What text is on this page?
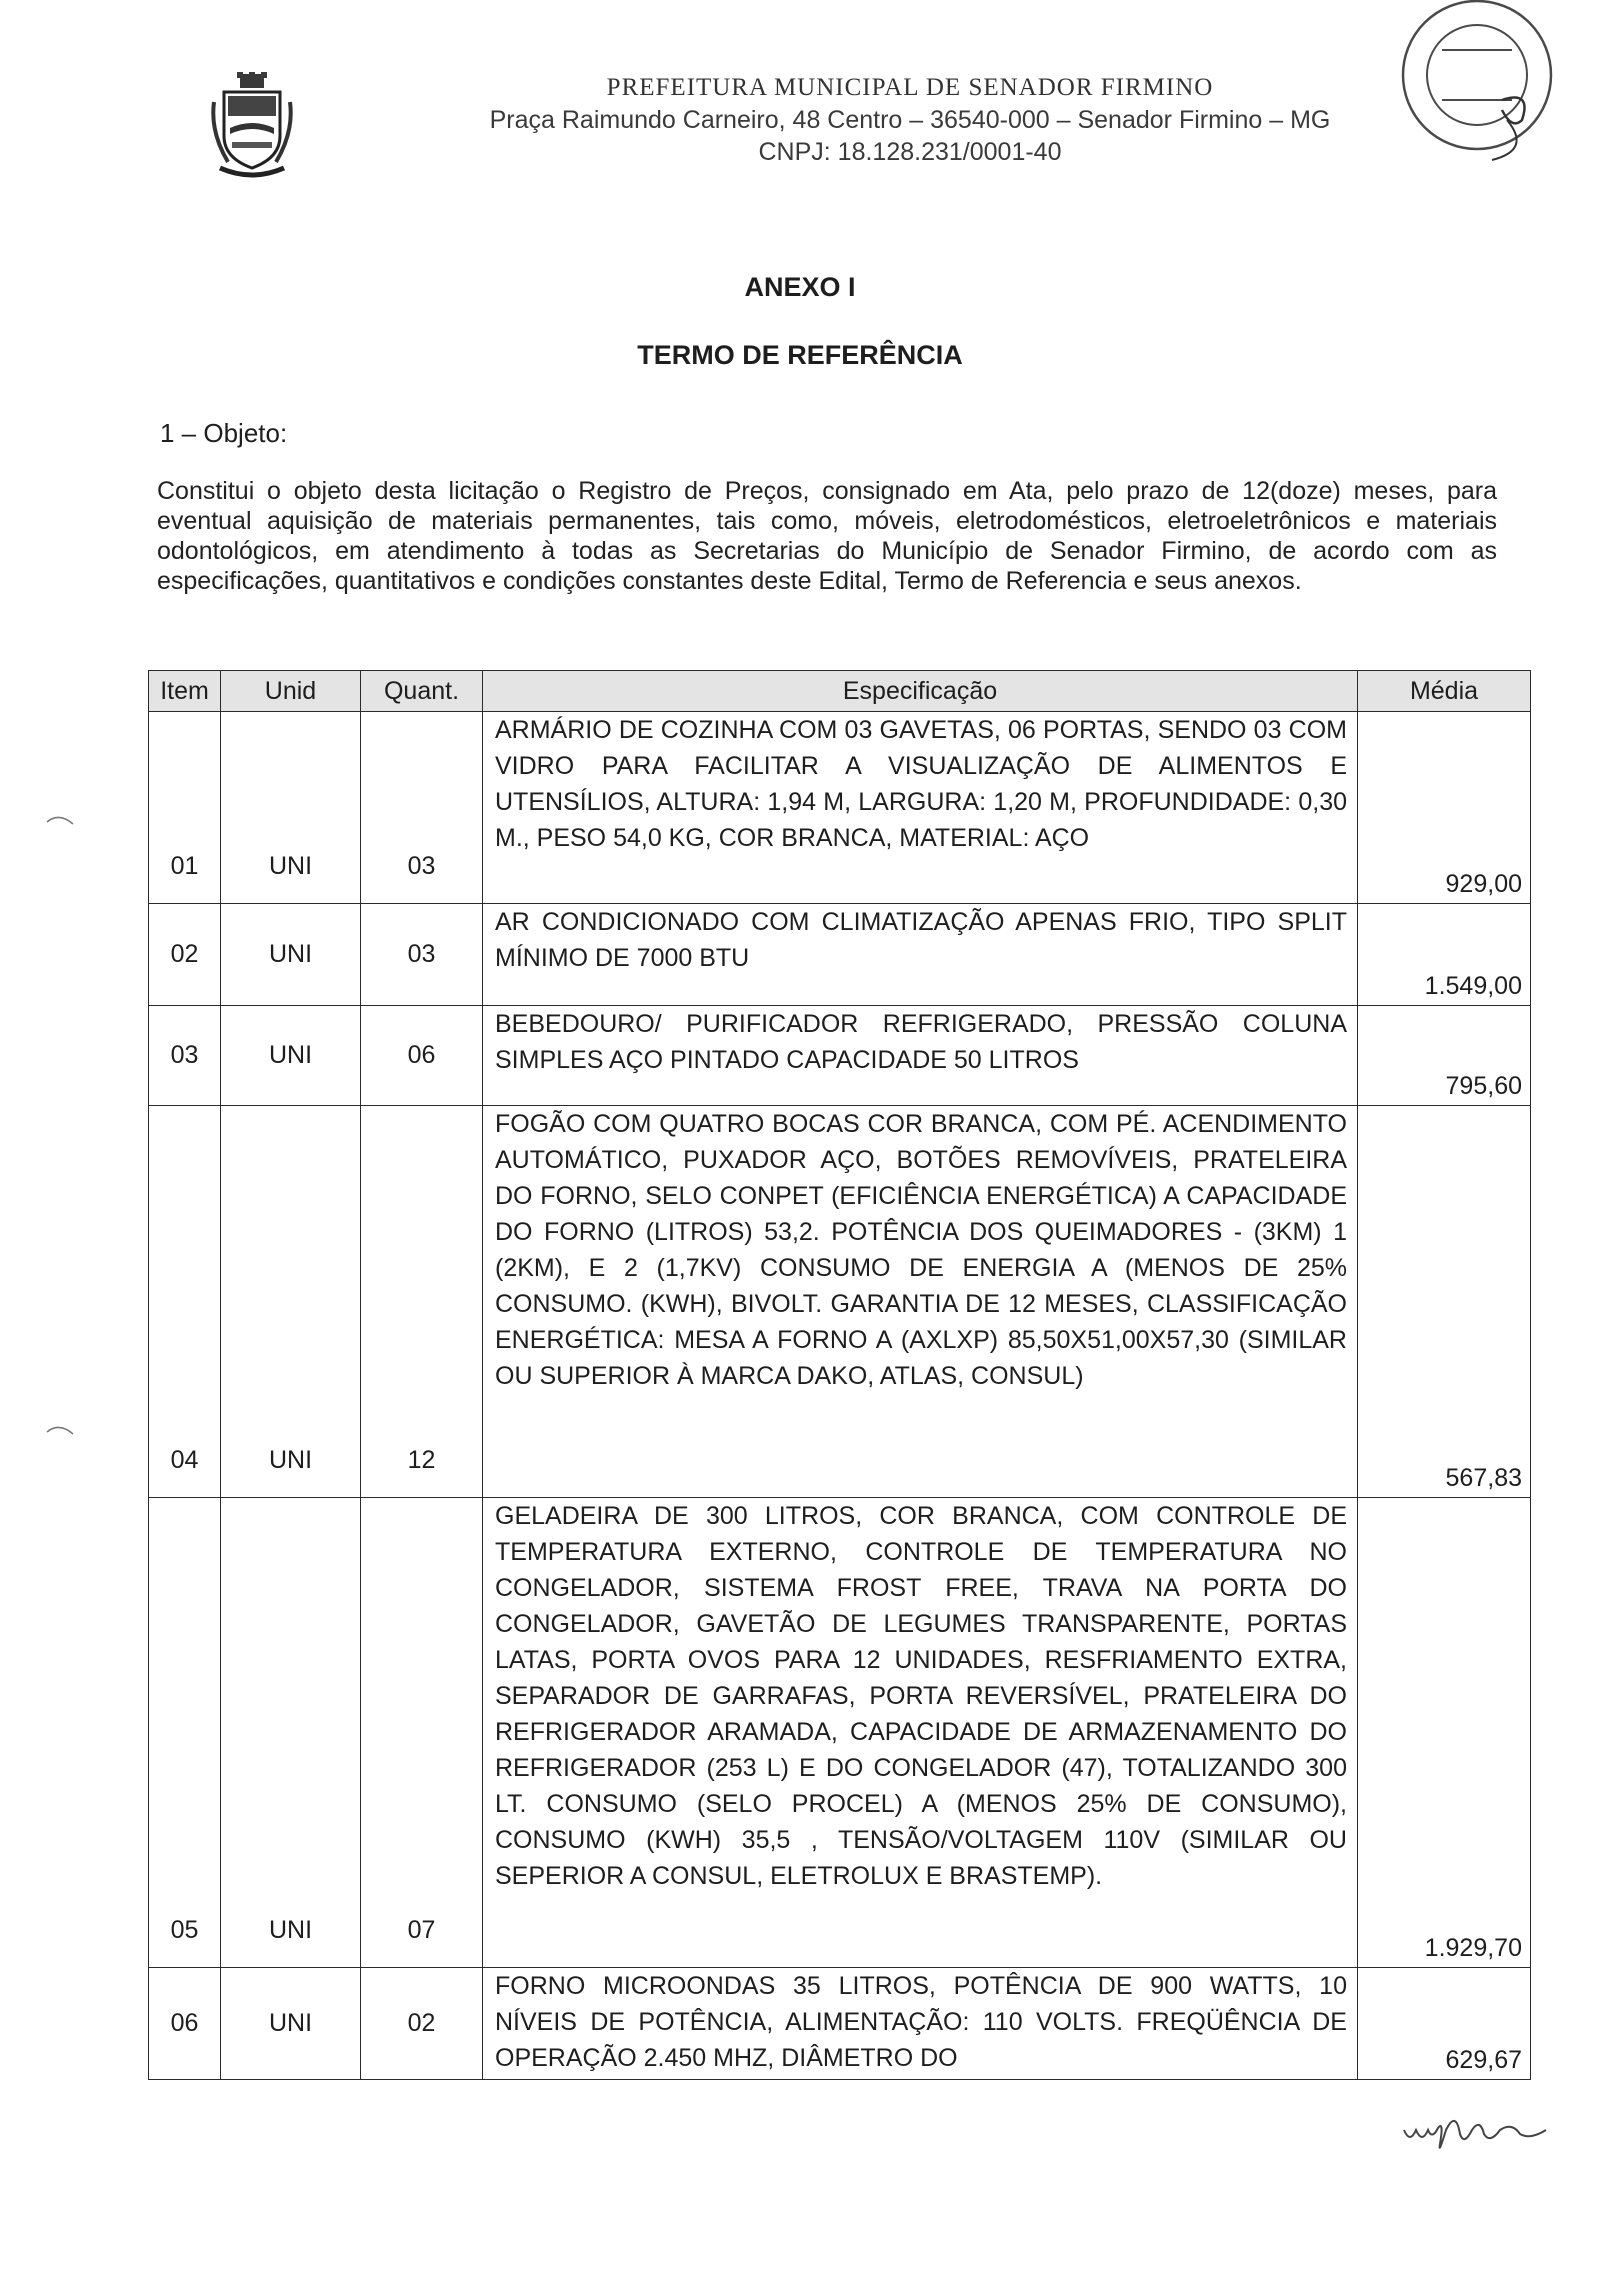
PREFEITURA MUNICIPAL DE SENADOR FIRMINO
Praça Raimundo Carneiro, 48 Centro – 36540-000 – Senador Firmino – MG
CNPJ: 18.128.231/0001-40
ANEXO I
TERMO DE REFERÊNCIA
1 – Objeto:
Constitui o objeto desta licitação o Registro de Preços, consignado em Ata, pelo prazo de 12(doze) meses, para eventual aquisição de materiais permanentes, tais como, móveis, eletrodomésticos, eletroeletrônicos e materiais odontológicos, em atendimento à todas as Secretarias do Município de Senador Firmino, de acordo com as especificações, quantitativos e condições constantes deste Edital, Termo de Referencia e seus anexos.
Item	Unid	Quant.	Especificação	Média
01	UNI	03	ARMÁRIO DE COZINHA COM 03 GAVETAS, 06 PORTAS, SENDO 03 COM VIDRO PARA FACILITAR A VISUALIZAÇÃO DE ALIMENTOS E UTENSÍLIOS, ALTURA: 1,94 M, LARGURA: 1,20 M, PROFUNDIDADE: 0,30 M., PESO 54,0 KG, COR BRANCA, MATERIAL: AÇO	929,00
02	UNI	03	AR CONDICIONADO COM CLIMATIZAÇÃO APENAS FRIO, TIPO SPLIT MÍNIMO DE 7000 BTU	1.549,00
03	UNI	06	BEBEDOURO/ PURIFICADOR REFRIGERADO, PRESSÃO COLUNA SIMPLES AÇO PINTADO CAPACIDADE 50 LITROS	795,60
04	UNI	12	FOGÃO COM QUATRO BOCAS COR BRANCA, COM PÉ. ACENDIMENTO AUTOMÁTICO, PUXADOR AÇO, BOTÕES REMOVÍVEIS, PRATELEIRA DO FORNO, SELO CONPET (EFICIÊNCIA ENERGÉTICA) A CAPACIDADE DO FORNO (LITROS) 53,2. POTÊNCIA DOS QUEIMADORES - (3KM) 1 (2KM), E 2 (1,7KV) CONSUMO DE ENERGIA A (MENOS DE 25% CONSUMO. (KWH), BIVOLT. GARANTIA DE 12 MESES, CLASSIFICAÇÃO ENERGÉTICA: MESA A FORNO A (AXLXP) 85,50X51,00X57,30 (SIMILAR OU SUPERIOR À MARCA DAKO, ATLAS, CONSUL)	567,83
05	UNI	07	GELADEIRA DE 300 LITROS, COR BRANCA, COM CONTROLE DE TEMPERATURA EXTERNO, CONTROLE DE TEMPERATURA NO CONGELADOR, SISTEMA FROST FREE, TRAVA NA PORTA DO CONGELADOR, GAVETÃO DE LEGUMES TRANSPARENTE, PORTAS LATAS, PORTA OVOS PARA 12 UNIDADES, RESFRIAMENTO EXTRA, SEPARADOR DE GARRAFAS, PORTA REVERSÍVEL, PRATELEIRA DO REFRIGERADOR ARAMADA, CAPACIDADE DE ARMAZENAMENTO DO REFRIGERADOR (253 L) E DO CONGELADOR (47), TOTALIZANDO 300 LT. CONSUMO (SELO PROCEL) A (MENOS 25% DE CONSUMO), CONSUMO (KWH) 35,5 , TENSÃO/VOLTAGEM 110V (SIMILAR OU SEPERIOR A CONSUL, ELETROLUX E BRASTEMP).	1.929,70
06	UNI	02	FORNO MICROONDAS 35 LITROS, POTÊNCIA DE 900 WATTS, 10 NÍVEIS DE POTÊNCIA, ALIMENTAÇÃO: 110 VOLTS. FREQÜÊNCIA DE OPERAÇÃO 2.450 MHZ, DIÂMETRO DO	629,67
